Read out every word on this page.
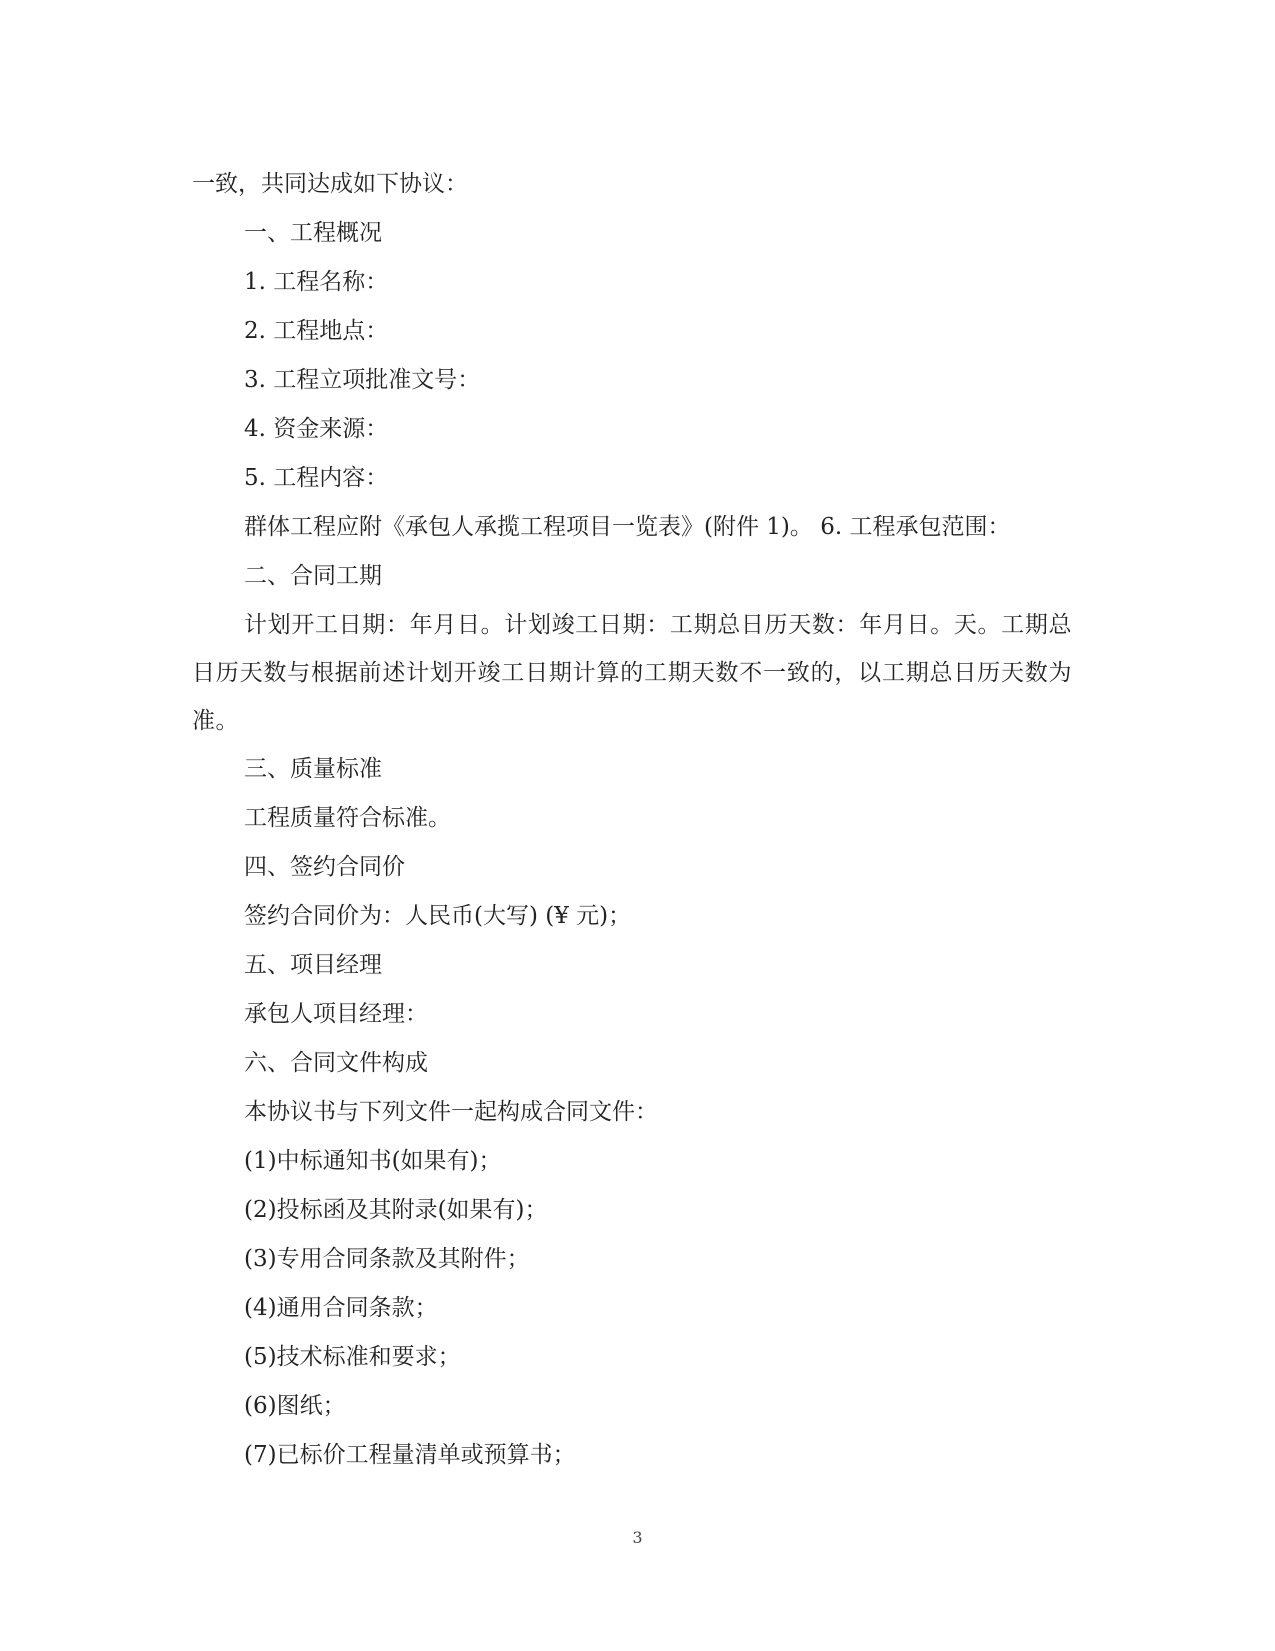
一致，共同达成如下协议：

一、工程概况

1. 工程名称：

2. 工程地点：

3. 工程立项批准文号：

4. 资金来源：

5. 工程内容：

群体工程应附《承包人承揽工程项目一览表》(附件 1)。 6. 工程承包范围：

二、合同工期

计划开工日期：年月日。计划竣工日期：工期总日历天数：年月日。天。工期总日历天数与根据前述计划开竣工日期计算的工期天数不一致的，以工期总日历天数为准。

三、质量标准

工程质量符合标准。

四、签约合同价

签约合同价为：人民币(大写) (¥ 元)；

五、项目经理

承包人项目经理：

六、合同文件构成

本协议书与下列文件一起构成合同文件：

(1)中标通知书(如果有)；

(2)投标函及其附录(如果有)；

(3)专用合同条款及其附件；

(4)通用合同条款；

(5)技术标准和要求；

(6)图纸；

(7)已标价工程量清单或预算书；

3
